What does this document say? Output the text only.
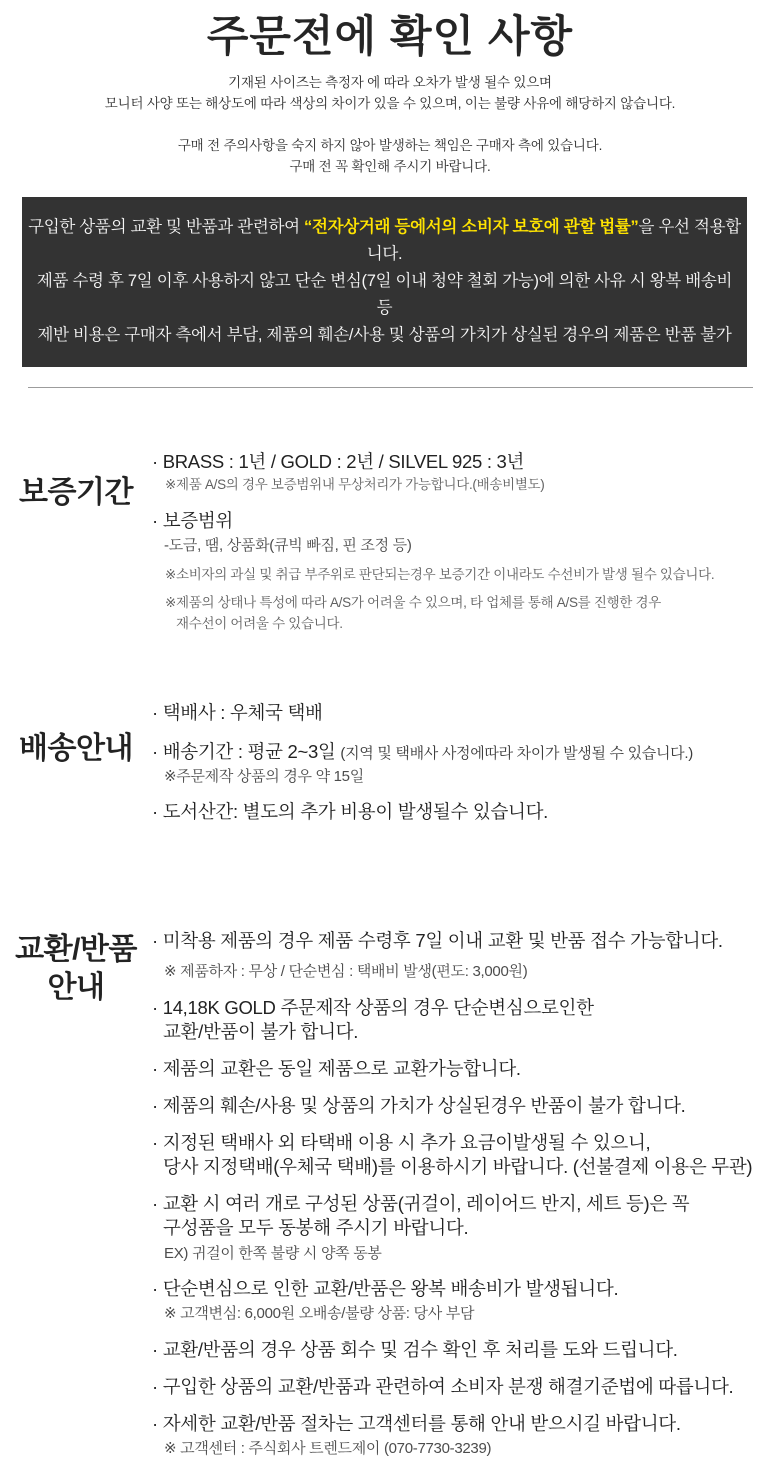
주문전에 확인 사항

기재된 사이즈는 측정자 에 따라 오차가 발생 될수 있으며

모니터 사양 또는 해상도에 따라 색상의 차이가 있을 수 있으며, 이는 불량 사유에 해당하지 않습니다.

구매 전 주의사항을 숙지 하지 않아 발생하는 책임은 구매자 측에 있습니다.

구매 전 꼭 확인해 주시기 바랍니다.

구입한 상품의 교환 및 반품과 관련하여 “전자상거래 등에서의 소비자 보호에 관할 법률”을 우선 적용합니다.

제품 수령 후 7일 이후 사용하지 않고 단순 변심(7일 이내 청약 철회 가능)에 의한 사유 시 왕복 배송비 등

제반 비용은 구매자 측에서 부담, 제품의 훼손/사용 및 상품의 가치가 상실된 경우의 제품은 반품 불가

보증기간

· BRASS : 1년 / GOLD : 2년 / SILVEL 925 : 3년

※제품 A/S의 경우 보증범위내 무상처리가 가능합니다.(배송비별도)

· 보증범위

-도금, 땜, 상품화(큐빅 빠짐, 핀 조정 등)

※소비자의 과실 및 취급 부주위로 판단되는경우 보증기간 이내라도 수선비가 발생 될수 있습니다.

※제품의 상태나 특성에 따라 A/S가 어려울 수 있으며, 타 업체를 통해 A/S를 진행한 경우

재수선이 어려울 수 있습니다.

배송안내

· 택배사 : 우체국 택배

· 배송기간 : 평균 2~3일 (지역 및 택배사 사정에따라 차이가 발생될 수 있습니다.)

※주문제작 상품의 경우 약 15일

· 도서산간: 별도의 추가 비용이 발생될수 있습니다.

교환/반품
안내

· 미착용 제품의 경우 제품 수령후 7일 이내 교환 및 반품 접수 가능합니다.

※ 제품하자 : 무상 / 단순변심 : 택배비 발생(편도: 3,000원)

· 14,18K GOLD 주문제작 상품의 경우 단순변심으로인한

교환/반품이 불가 합니다.

· 제품의 교환은 동일 제품으로 교환가능합니다.

· 제품의 훼손/사용 및 상품의 가치가 상실된경우 반품이 불가 합니다.

· 지정된 택배사 외 타택배 이용 시 추가 요금이발생될 수 있으니,

당사 지정택배(우체국 택배)를 이용하시기 바랍니다. (선불결제 이용은 무관)

· 교환 시 여러 개로 구성된 상품(귀걸이, 레이어드 반지, 세트 등)은 꼭

구성품을 모두 동봉해 주시기 바랍니다.

EX) 귀걸이 한쪽 불량 시 양쪽 동봉

· 단순변심으로 인한 교환/반품은 왕복 배송비가 발생됩니다.

※ 고객변심: 6,000원 오배송/불량 상품: 당사 부담

· 교환/반품의 경우 상품 회수 및 검수 확인 후 처리를 도와 드립니다.

· 구입한 상품의 교환/반품과 관련하여 소비자 분쟁 해결기준법에 따릅니다.

· 자세한 교환/반품 절차는 고객센터를 통해 안내 받으시길 바랍니다.

※ 고객센터 : 주식회사 트렌드제이 (070-7730-3239)
